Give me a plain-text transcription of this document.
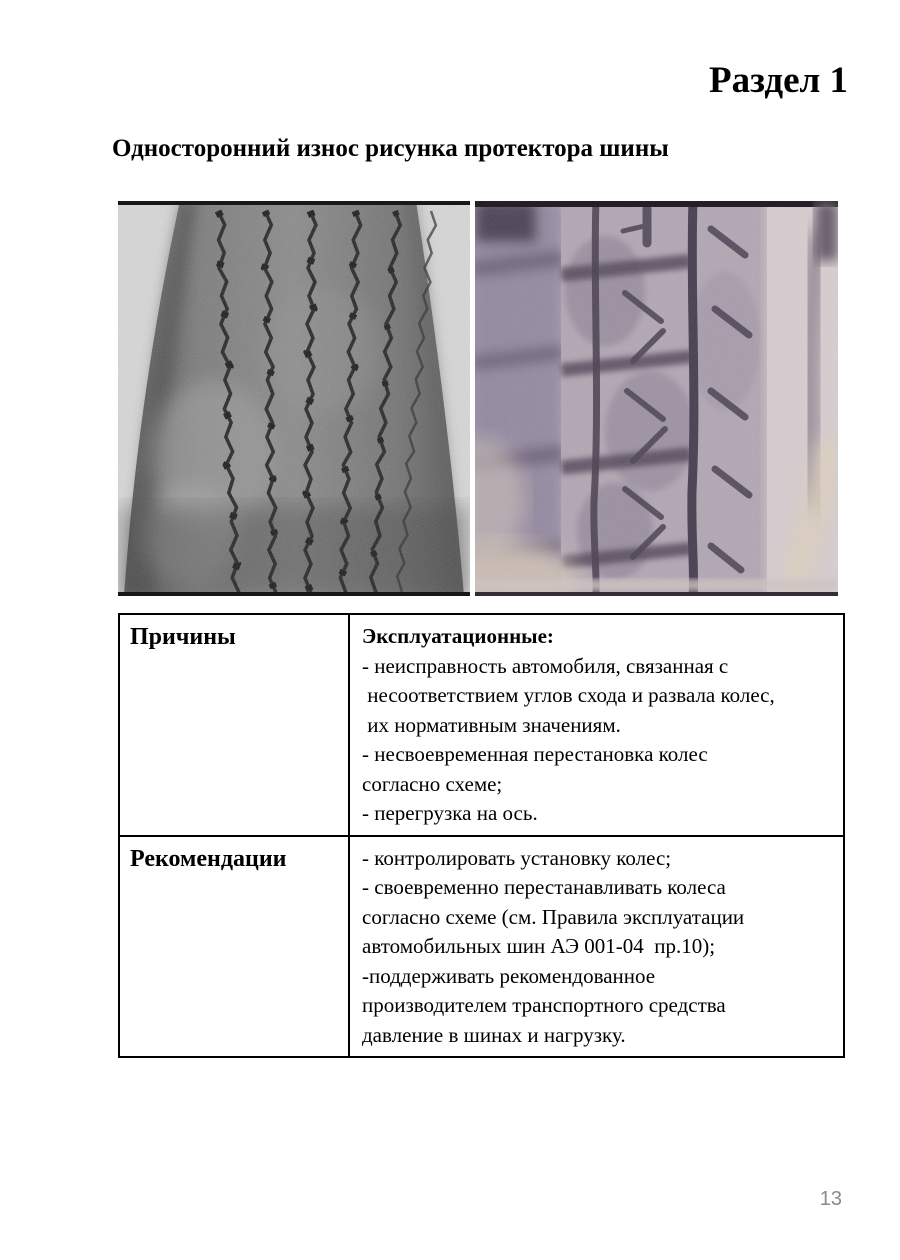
Раздел 1
Односторонний износ рисунка протектора шины
Причины	Эксплуатационные:
- неисправность автомобиля, связанная с
несоответствием углов схода и развала колес,
их нормативным значениям.
- несвоевременная перестановка колес
согласно схеме;
- перегрузка на ось.
Рекомендации	- контролировать установку колес;
- своевременно перестанавливать колеса
согласно схеме (см. Правила эксплуатации
автомобильных шин АЭ 001-04  пр.10);
-поддерживать рекомендованное
производителем транспортного средства
давление в шинах и нагрузку.
13
